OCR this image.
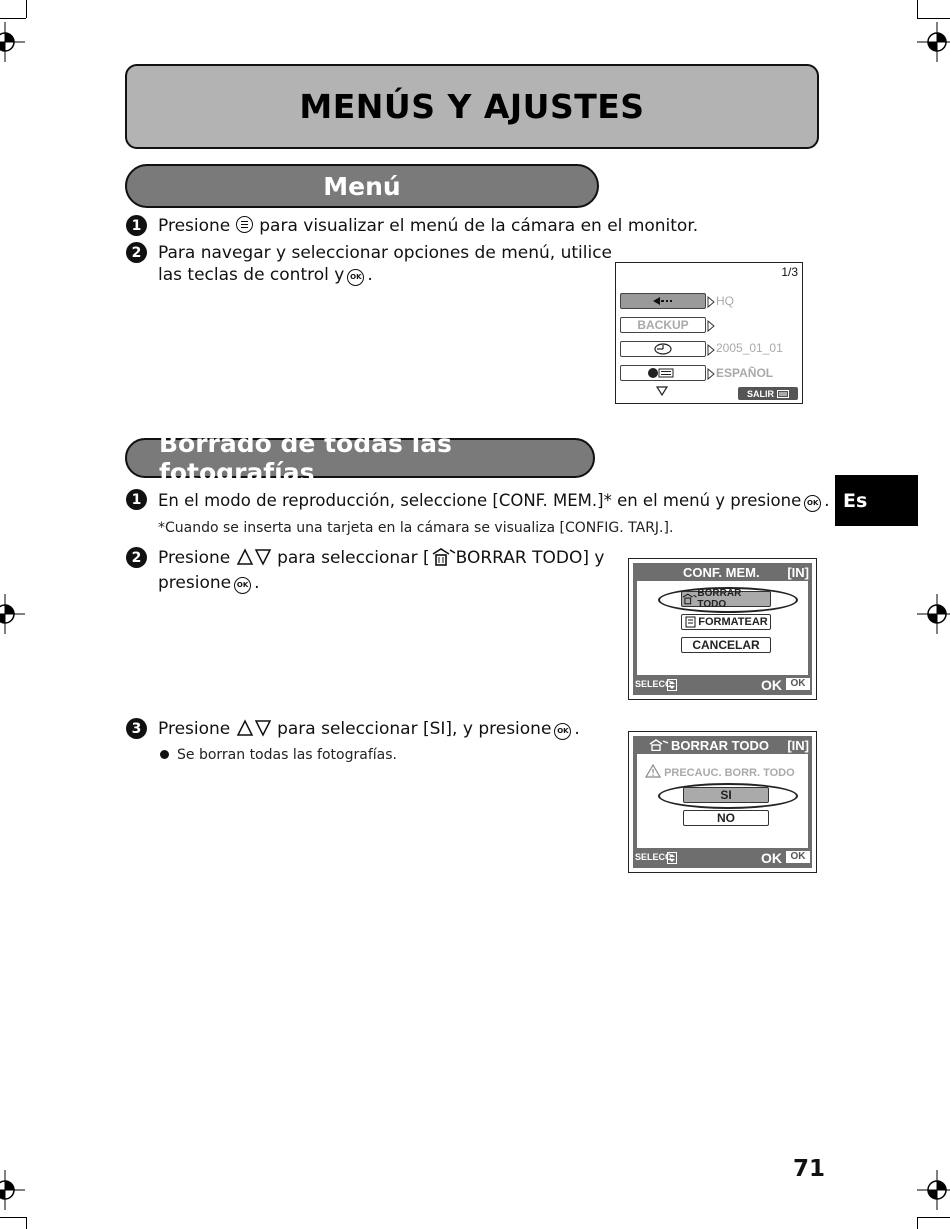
MENÚS Y AJUSTES
Menú
1 Presione para visualizar el menú de la cámara en el monitor.
2 Para navegar y seleccionar opciones de menú, utilice
las teclas de control y OK .	1/3
BACKUP
HQ
2005_01_01
ESPAÑOL
SALIR
Borrado de todas las fotografías
1	En el modo de reproducción, seleccione [CONF. MEM.]* en el menú y presione OK .
*Cuando se inserta una tarjeta en la cámara se visualiza [CONFIG. TARJ.].
2 Presione	para seleccionar [ BORRAR TODO] y
presione OK .
CONF. MEM. [IN]
BORRAR TODO
FORMATEAR
CANCELAR
SELECC.	OK OK
3 Presione	para seleccionar [SI], y presione OK .
Se borran todas las fotografías.
BORRAR TODO [IN]
PRECAUC. BORR. TODO
SI
NO
SELECC.	OK OK
Es
71
